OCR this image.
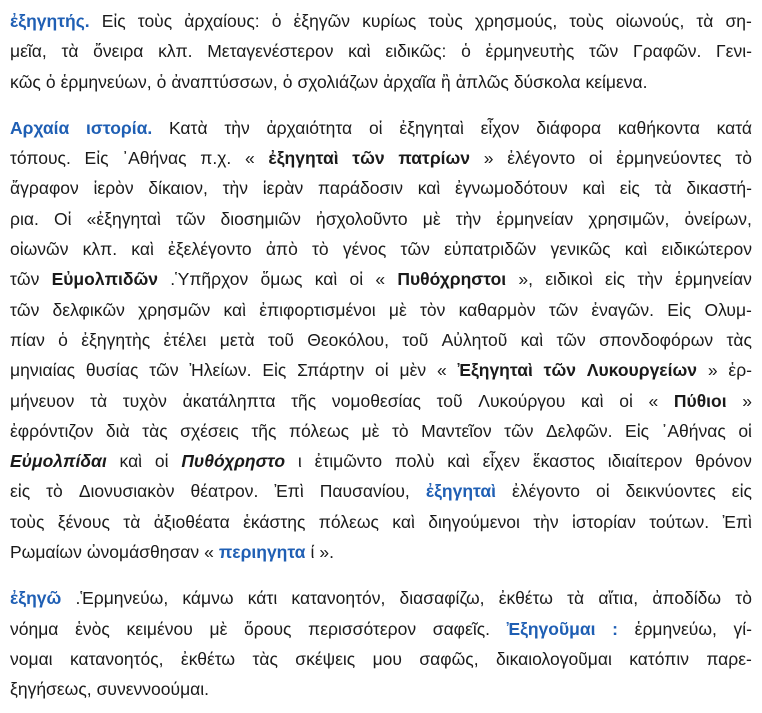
ἐξηγητής. Εἰς τοὺς ἀρχαίους: ὁ ἐξηγῶν κυρίως τοὺς χρησμούς, τοὺς οἰωνούς, τὰ ση-
μεῖα, τὰ ὄνειρα κλπ. Μεταγενέστερον καὶ ειδικῶς: ὁ ἑρμηνευτὴς τῶν Γραφῶν. Γενι-
κῶς ὁ ἑρμηνεύων, ὁ ἀναπτύσσων, ὁ σχολιάζων ἀρχαῖα ἢ ἁπλῶς δύσκολα κείμενα.
Αρχαία ιστορία. Κατὰ τὴν ἀρχαιότητα οἱ ἐξηγηταὶ εἶχον διάφορα καθήκοντα κατά
τόπους. Εἰς ᾿Αθήνας π.χ. « ἐξηγηταὶ τῶν πατρίων » ἐλέγοντο οἱ ἑρμηνεύοντες τὸ
ἄγραφον ἱερὸν δίκαιον, τὴν ἱερὰν παράδοσιν καὶ ἐγνωμοδότουν καὶ εἰς τὰ δικαστή-
ρια. Οἱ «ἐξηγηταὶ τῶν διοσημιῶν ἠσχολοῦντο μὲ τὴν ἑρμηνείαν χρησιμῶν, ὀνείρων,
οἰωνῶν κλπ. καὶ ἐξελέγοντο ἀπὸ τὸ γένος τῶν εὐπατριδῶν γενικῶς καὶ ειδικώτερον
τῶν Εὐμολπιδῶν .Ὑπῆρχον ὅμως καὶ οἱ « Πυθόχρηστοι », ειδικοὶ εἰς τὴν ἑρμηνείαν
τῶν δελφικῶν χρησμῶν καὶ ἐπιφορτισμένοι μὲ τὸν καθαρμὸν τῶν ἐναγῶν. Εἰς Ολυμ-
πίαν ὁ ἐξηγητὴς ἐτέλει μετὰ τοῦ Θεοκόλου, τοῦ Αὐλητοῦ καὶ τῶν σπονδοφόρων τὰς
μηνιαίας θυσίας τῶν Ἠλείων. Εἰς Σπάρτην οἱ μὲν « Ἐξηγηταὶ τῶν Λυκουργείων » ἑρ-
μήνευον τὰ τυχὸν ἀκατάληπτα τῆς νομοθεσίας τοῦ Λυκούργου καὶ οἱ « Πύθιοι »
ἐφρόντιζον διὰ τὰς σχέσεις τῆς πόλεως μὲ τὸ Μαντεῖον τῶν Δελφῶν. Εἰς ᾿Αθήνας οἱ
Εὐμολπίδαι καὶ οἱ Πυθόχρηστο ι ἐτιμῶντο πολὺ καὶ εἶχεν ἕκαστος ιδιαίτερον θρόνον
εἰς τὸ Διονυσιακὸν θέατρον. Ἐπὶ Παυσανίου, ἐξηγηταὶ ἐλέγοντο οἱ δεικνύοντες εἰς
τοὺς ξένους τὰ ἀξιοθέατα ἑκάστης πόλεως καὶ διηγούμενοι τὴν ἱστορίαν τούτων. Ἐπὶ
Ρωμαίων ὠνομάσθησαν « περιηγητα ί ».
ἐξηγῶ .Ἑρμηνεύω, κάμνω κάτι κατανοητόν, διασαφίζω, ἐκθέτω τὰ αἴτια, ἀποδίδω τὸ
νόημα ἑνὸς κειμένου μὲ ὅρους περισσότερον σαφεῖς. Ἐξηγοῦμαι : ἑρμηνεύω, γί-
νομαι κατανοητός, ἐκθέτω τὰς σκέψεις μου σαφῶς, δικαιολογοῦμαι κατόπιν παρε-
ξηγήσεως, συνεννοούμαι.
